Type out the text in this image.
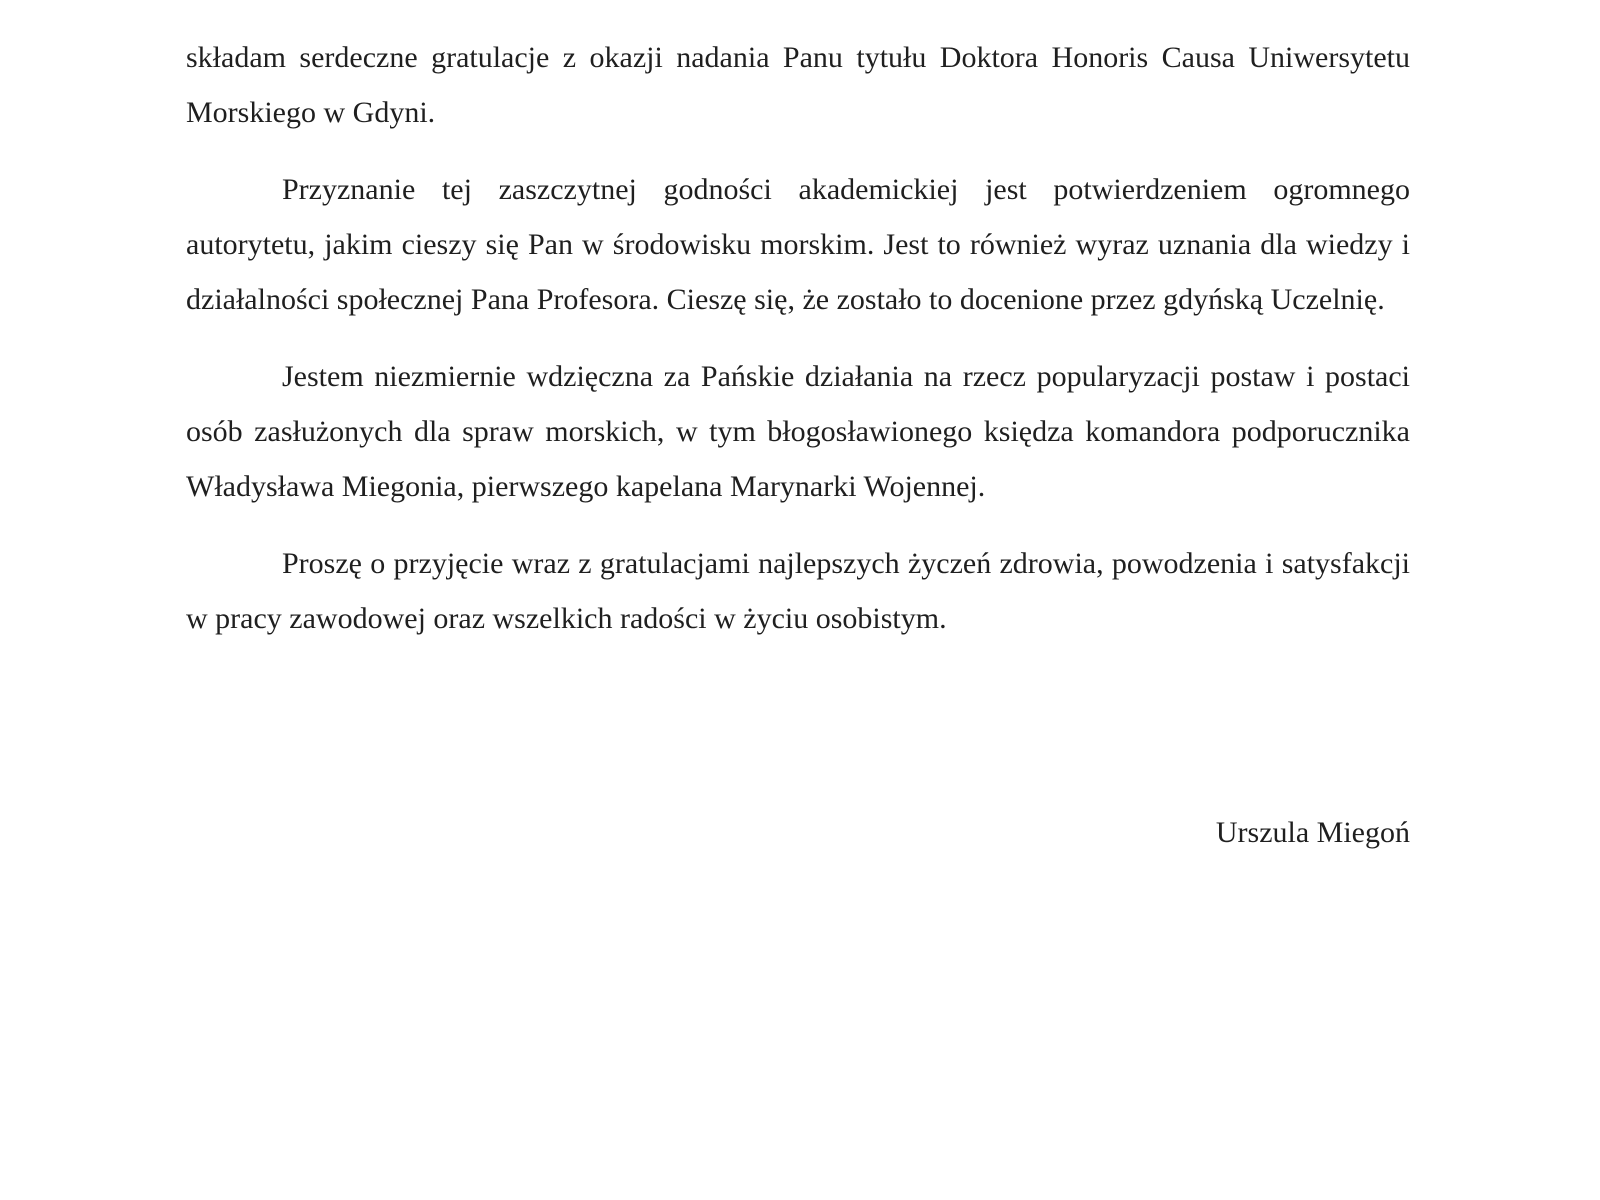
składam serdeczne gratulacje z okazji nadania Panu tytułu Doktora Honoris Causa Uniwersytetu Morskiego w Gdyni.

Przyznanie tej zaszczytnej godności akademickiej jest potwierdzeniem ogromnego autorytetu, jakim cieszy się Pan w środowisku morskim. Jest to również wyraz uznania dla wiedzy i działalności społecznej Pana Profesora. Cieszę się, że zostało to docenione przez gdyńską Uczelnię.

Jestem niezmiernie wdzięczna za Pańskie działania na rzecz popularyzacji postaw i postaci osób zasłużonych dla spraw morskich, w tym błogosławionego księdza komandora podporucznika Władysława Miegonia, pierwszego kapelana Marynarki Wojennej.

Proszę o przyjęcie wraz z gratulacjami najlepszych życzeń zdrowia, powodzenia i satysfakcji w pracy zawodowej oraz wszelkich radości w życiu osobistym.

Urszula Miegoń
